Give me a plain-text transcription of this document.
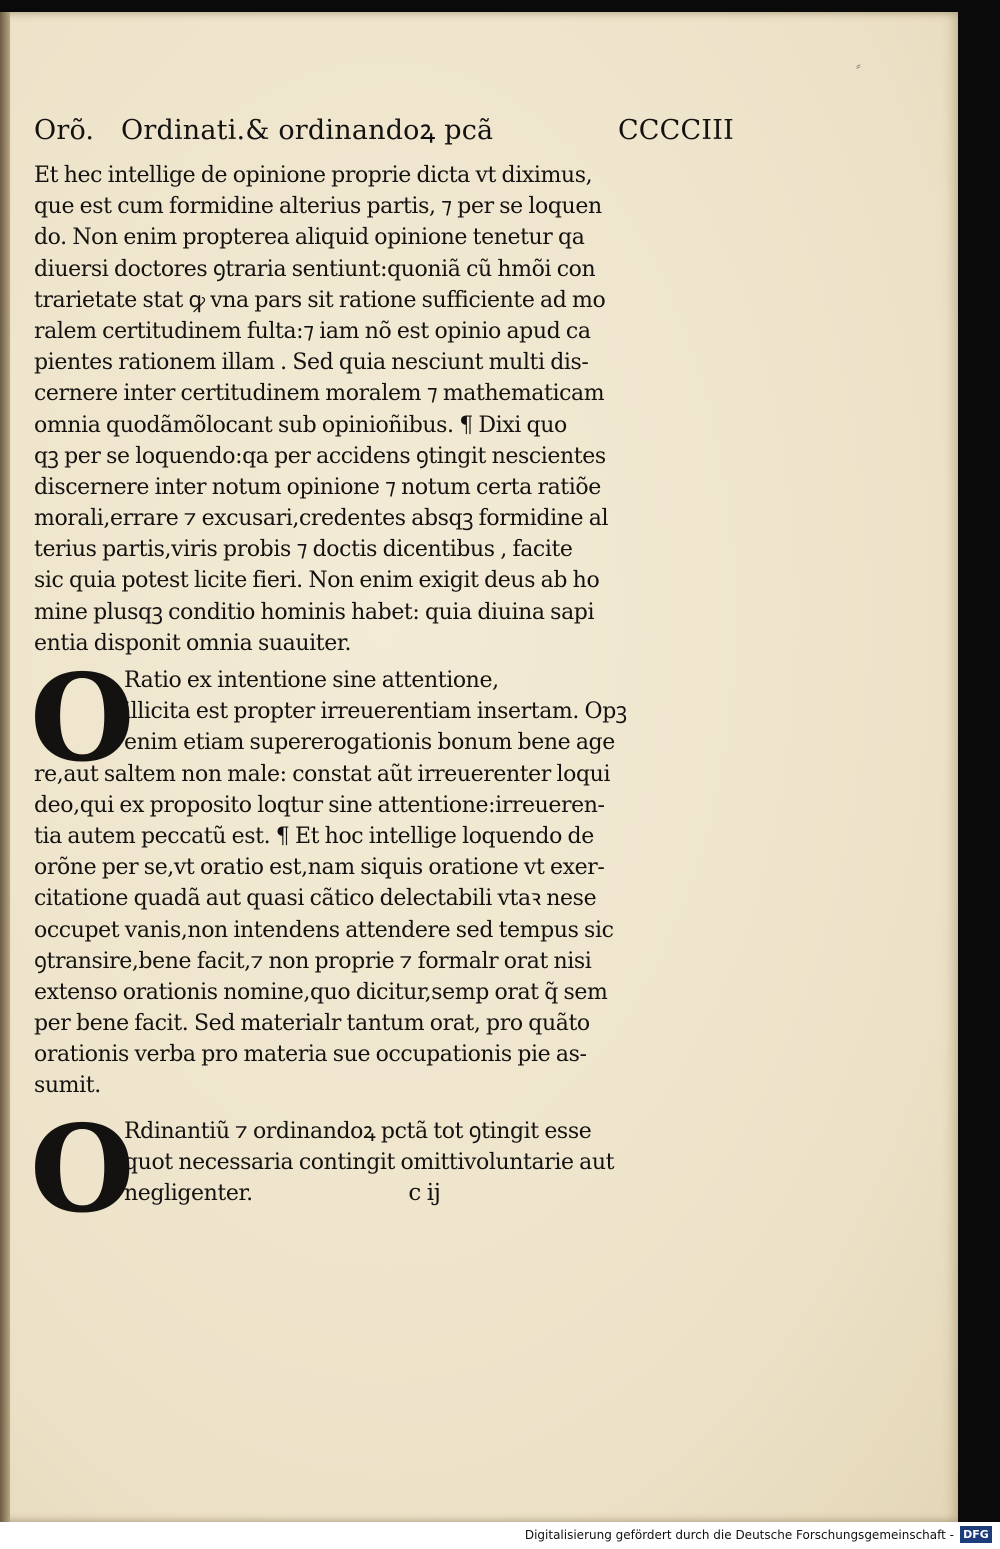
⸗
Orõ. Ordinati.& ordinandoꝝ pcã	CCCCIII
Et hec intellige de opinione proprie dicta vt diximus,
que est cum formidine alterius partis, ⁊ per se loquen
do. Non enim propterea aliquid opinione tenetur qa
diuersi doctores ꝯtraria sentiunt:quoniã cũ hmõi con
trarietate stat ꝙ vna pars sit ratione sufficiente ad mo
ralem certitudinem fulta:⁊ iam nõ est opinio apud ca
pientes rationem illam . Sed quia nesciunt multi dis-
cernere inter certitudinem moralem ⁊ mathematicam
omnia quodãmõlocant sub opinioñibus. ¶ Dixi quo
qꝫ per se loquendo:qa per accidens ꝯtingit nescientes
discernere inter notum opinione ⁊ notum certa ratiõe
morali,errare ⁊ excusari,credentes absqꝫ formidine al
terius partis,viris probis ⁊ doctis dicentibus , facite
sic quia potest licite fieri. Non enim exigit deus ab ho
mine plusqꝫ conditio hominis habet: quia diuina sapi
entia disponit omnia suauiter.
O
Ratio ex intentione sine attentione,
illicita est propter irreuerentiam insertam. Opꝫ
enim etiam supererogationis bonum bene age
re,aut saltem non male: constat aũt irreuerenter loqui
deo,qui ex proposito loqtur sine attentione:irreueren-
tia autem peccatũ est. ¶ Et hoc intellige loquendo de
orõne per se,vt oratio est,nam siquis oratione vt exer-
citatione quadã aut quasi cãtico delectabili vtaꝛ nese
occupet vanis,non intendens attendere sed tempus sic
ꝯtransire,bene facit,⁊ non proprie ⁊ formalr orat nisi
extenso orationis nomine,quo dicitur,semp orat q̃ sem
per bene facit. Sed materialr tantum orat, pro quãto
orationis verba pro materia sue occupationis pie as-
sumit.
O
Rdinantiũ ⁊ ordinandoꝝ pctã tot ꝯtingit esse
quot necessaria contingit omittivoluntarie aut
negligenter.	c ij
Digitalisierung gefördert durch die Deutsche Forschungsgemeinschaft - DFG
